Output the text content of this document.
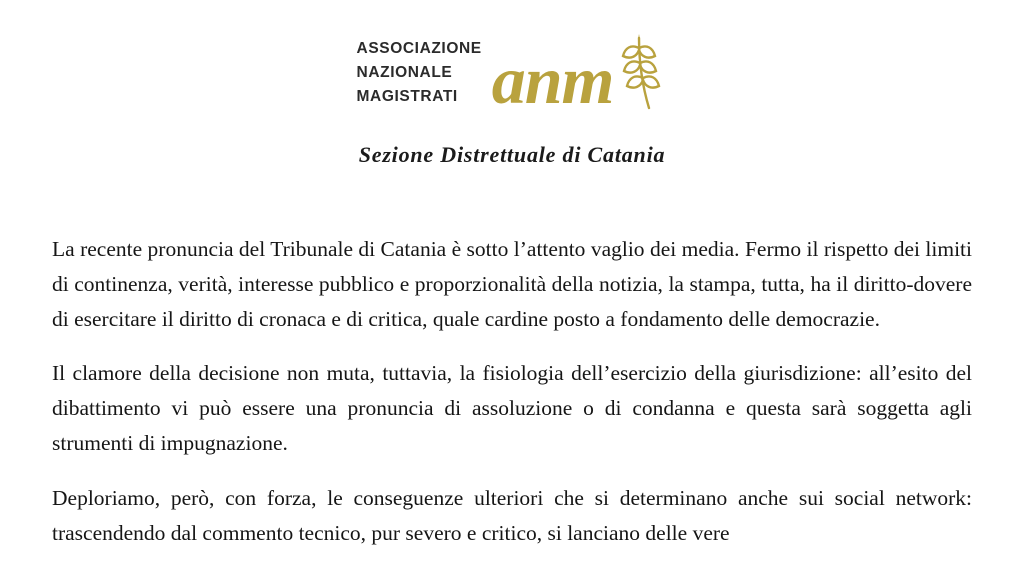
ASSOCIAZIONE
NAZIONALE
MAGISTRATI anm
Sezione Distrettuale di Catania

La recente pronuncia del Tribunale di Catania è sotto l’attento vaglio dei media. Fermo il rispetto dei limiti di continenza, verità, interesse pubblico e proporzionalità della notizia, la stampa, tutta, ha il diritto-dovere di esercitare il diritto di cronaca e di critica, quale cardine posto a fondamento delle democrazie.

Il clamore della decisione non muta, tuttavia, la fisiologia dell’esercizio della giurisdizione: all’esito del dibattimento vi può essere una pronuncia di assoluzione o di condanna e questa sarà soggetta agli strumenti di impugnazione.

Deploriamo, però, con forza, le conseguenze ulteriori che si determinano anche sui social network: trascendendo dal commento tecnico, pur severo e critico, si lanciano delle vere
